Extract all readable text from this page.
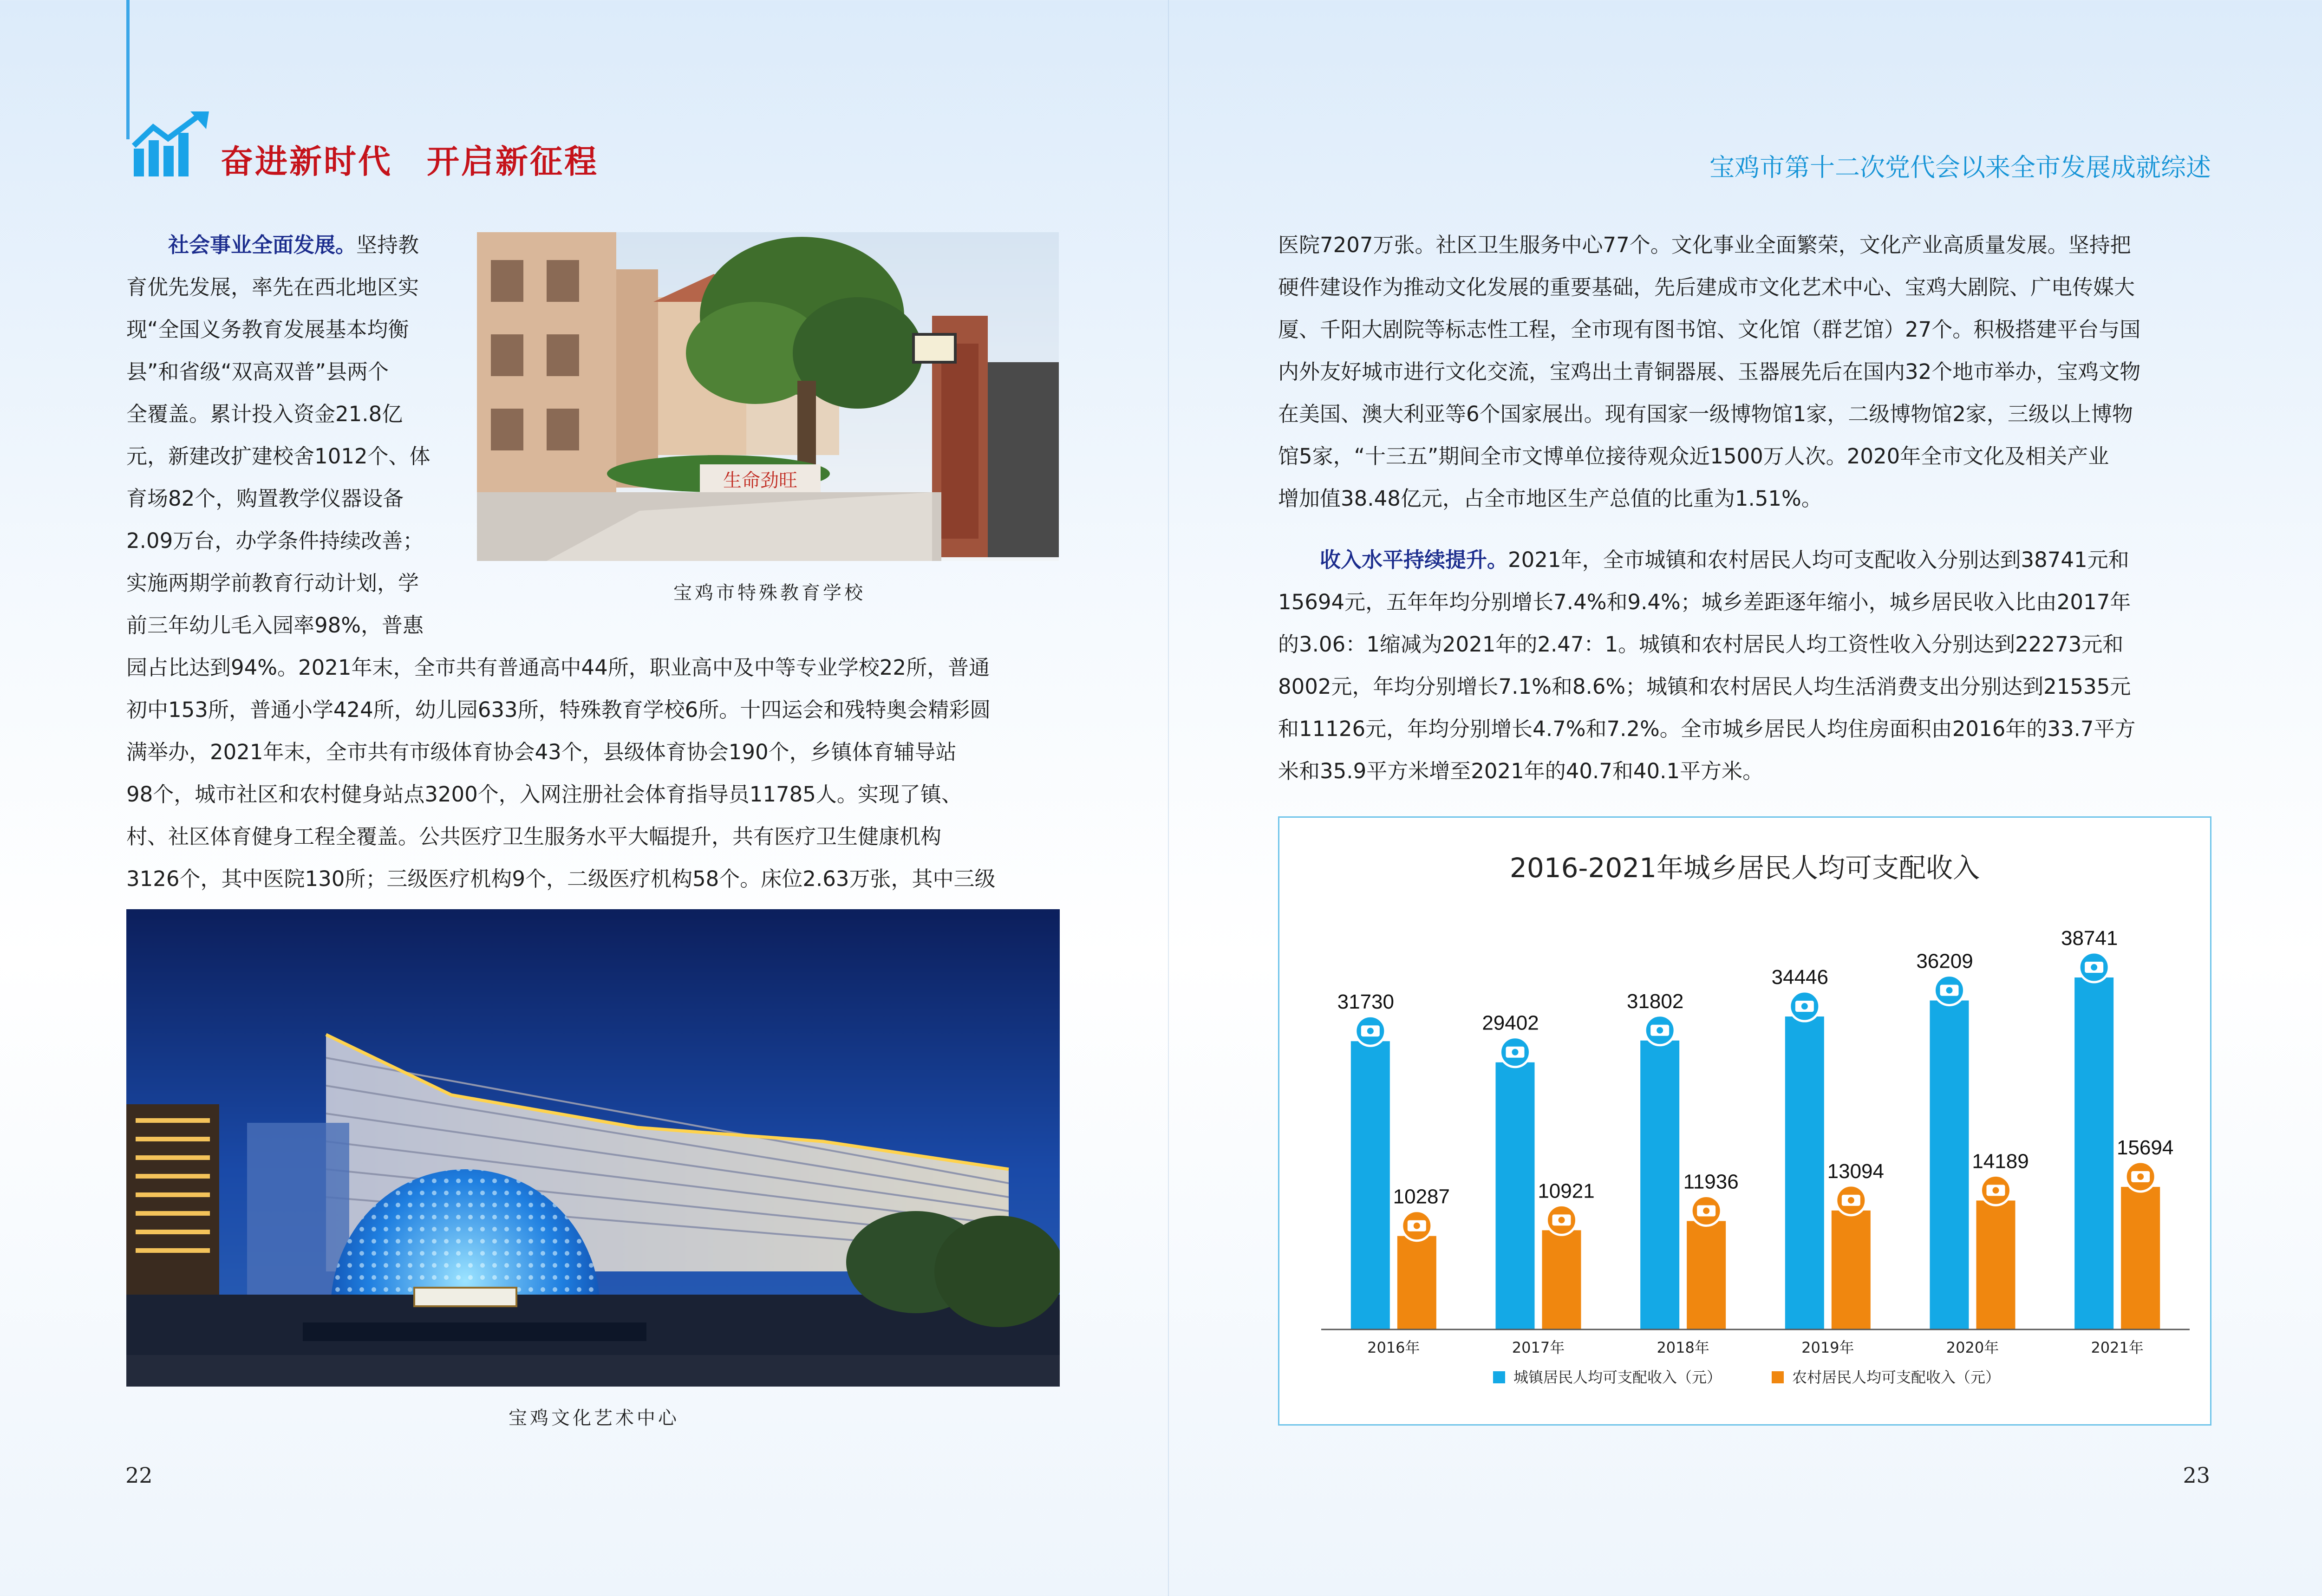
奋进新时代　开启新征程	宝鸡市第十二次党代会以来全市发展成就综述
社会事业全面发展。坚持教
育优先发展，率先在西北地区实
现“全国义务教育发展基本均衡
县”和省级“双高双普”县两个
全覆盖。累计投入资金21.8亿
元，新建改扩建校舍1012个、体
育场82个，购置教学仪器设备
2.09万台，办学条件持续改善；
实施两期学前教育行动计划，学
前三年幼儿毛入园率98%，普惠
园占比达到94%。2021年末，全市共有普通高中44所，职业高中及中等专业学校22所，普通
初中153所，普通小学424所，幼儿园633所，特殊教育学校6所。十四运会和残特奥会精彩圆
满举办，2021年末，全市共有市级体育协会43个，县级体育协会190个，乡镇体育辅导站
98个，城市社区和农村健身站点3200个，入网注册社会体育指导员11785人。实现了镇、
村、社区体育健身工程全覆盖。公共医疗卫生服务水平大幅提升，共有医疗卫生健康机构
3126个，其中医院130所；三级医疗机构9个，二级医疗机构58个。床位2.63万张，其中三级
生命劲旺
宝鸡市特殊教育学校
宝鸡文化艺术中心
22
医院7207万张。社区卫生服务中心77个。文化事业全面繁荣，文化产业高质量发展。坚持把
硬件建设作为推动文化发展的重要基础，先后建成市文化艺术中心、宝鸡大剧院、广电传媒大
厦、千阳大剧院等标志性工程，全市现有图书馆、文化馆（群艺馆）27个。积极搭建平台与国
内外友好城市进行文化交流，宝鸡出土青铜器展、玉器展先后在国内32个地市举办，宝鸡文物
在美国、澳大利亚等6个国家展出。现有国家一级博物馆1家，二级博物馆2家，三级以上博物
馆5家，“十三五”期间全市文博单位接待观众近1500万人次。2020年全市文化及相关产业
增加值38.48亿元，占全市地区生产总值的比重为1.51%。
收入水平持续提升。2021年，全市城镇和农村居民人均可支配收入分别达到38741元和
15694元，五年年均分别增长7.4%和9.4%；城乡差距逐年缩小，城乡居民收入比由2017年
的3.06：1缩减为2021年的2.47：1。城镇和农村居民人均工资性收入分别达到22273元和
8002元，年均分别增长7.1%和8.6%；城镇和农村居民人均生活消费支出分别达到21535元
和11126元，年均分别增长4.7%和7.2%。全市城乡居民人均住房面积由2016年的33.7平方
米和35.9平方米增至2021年的40.7和40.1平方米。
2016-2021年城乡居民人均可支配收入
31730
10287
2016年
29402
10921
2017年
31802
11936
2018年
34446
13094
2019年
36209
14189
2020年
38741
15694
2021年
城镇居民人均可支配收入（元）	农村居民人均可支配收入（元）
23
